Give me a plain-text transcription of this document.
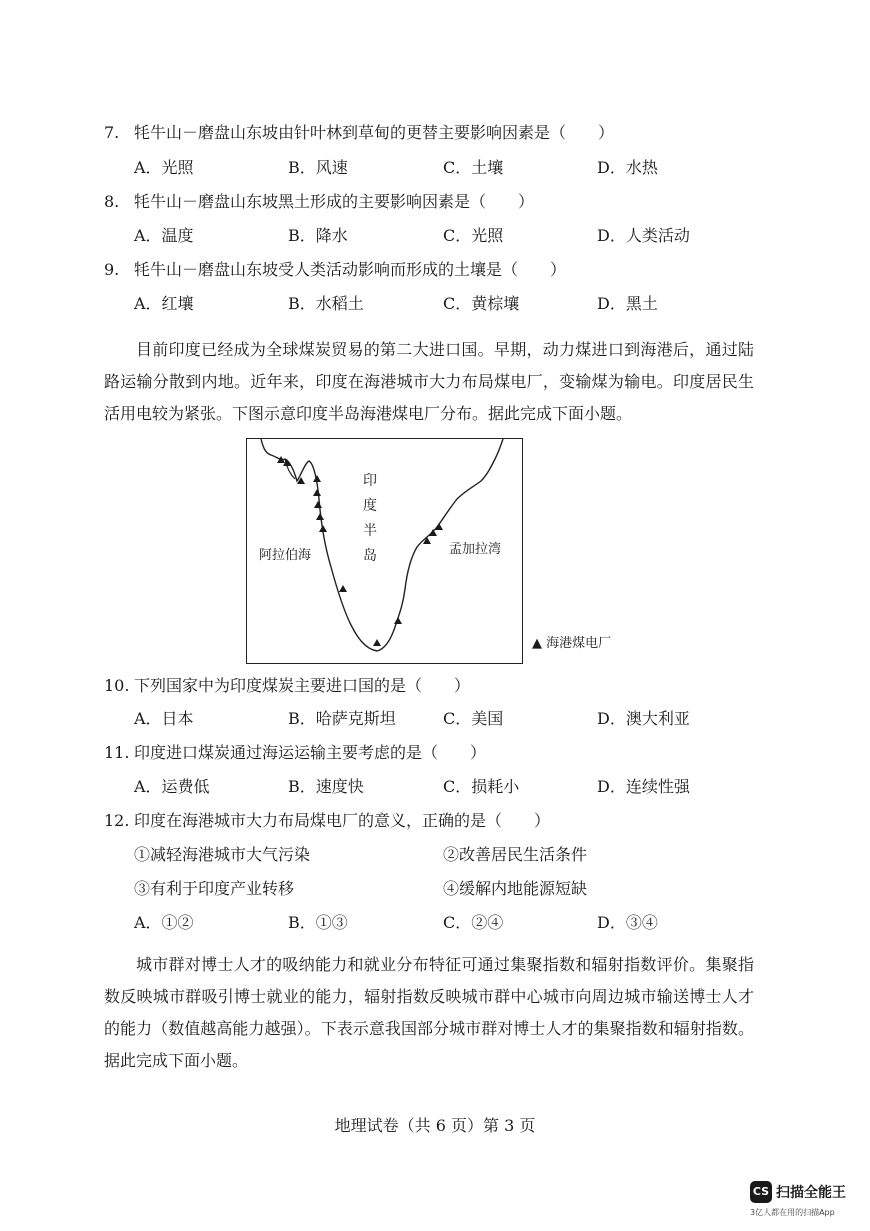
7. 牦牛山－磨盘山东坡由针叶林到草甸的更替主要影响因素是（　　）
A．光照	B．风速	C．土壤	D．水热
8. 牦牛山－磨盘山东坡黑土形成的主要影响因素是（　　）
A．温度	B．降水	C．光照	D．人类活动
9. 牦牛山－磨盘山东坡受人类活动影响而形成的土壤是（　　）
A．红壤	B．水稻土	C．黄棕壤	D．黑土
目前印度已经成为全球煤炭贸易的第二大进口国。早期，动力煤进口到海港后，通过陆路运输分散到内地。近年来，印度在海港城市大力布局煤电厂，变输煤为输电。印度居民生活用电较为紧张。下图示意印度半岛海港煤电厂分布。据此完成下面小题。
印度半岛
阿拉伯海	孟加拉湾
▲ 海港煤电厂
10. 下列国家中为印度煤炭主要进口国的是（　　）
A．日本	B．哈萨克斯坦	C．美国	D．澳大利亚
11. 印度进口煤炭通过海运运输主要考虑的是（　　）
A．运费低	B．速度快	C．损耗小	D．连续性强
12. 印度在海港城市大力布局煤电厂的意义，正确的是（　　）
①减轻海港城市大气污染	②改善居民生活条件
③有利于印度产业转移	④缓解内地能源短缺
A．①②	B．①③	C．②④	D．③④
城市群对博士人才的吸纳能力和就业分布特征可通过集聚指数和辐射指数评价。集聚指数反映城市群吸引博士就业的能力，辐射指数反映城市群中心城市向周边城市输送博士人才的能力（数值越高能力越强）。下表示意我国部分城市群对博士人才的集聚指数和辐射指数。据此完成下面小题。
地理试卷（共 6 页）第 3 页
CS 扫描全能王
3亿人都在用的扫描App
